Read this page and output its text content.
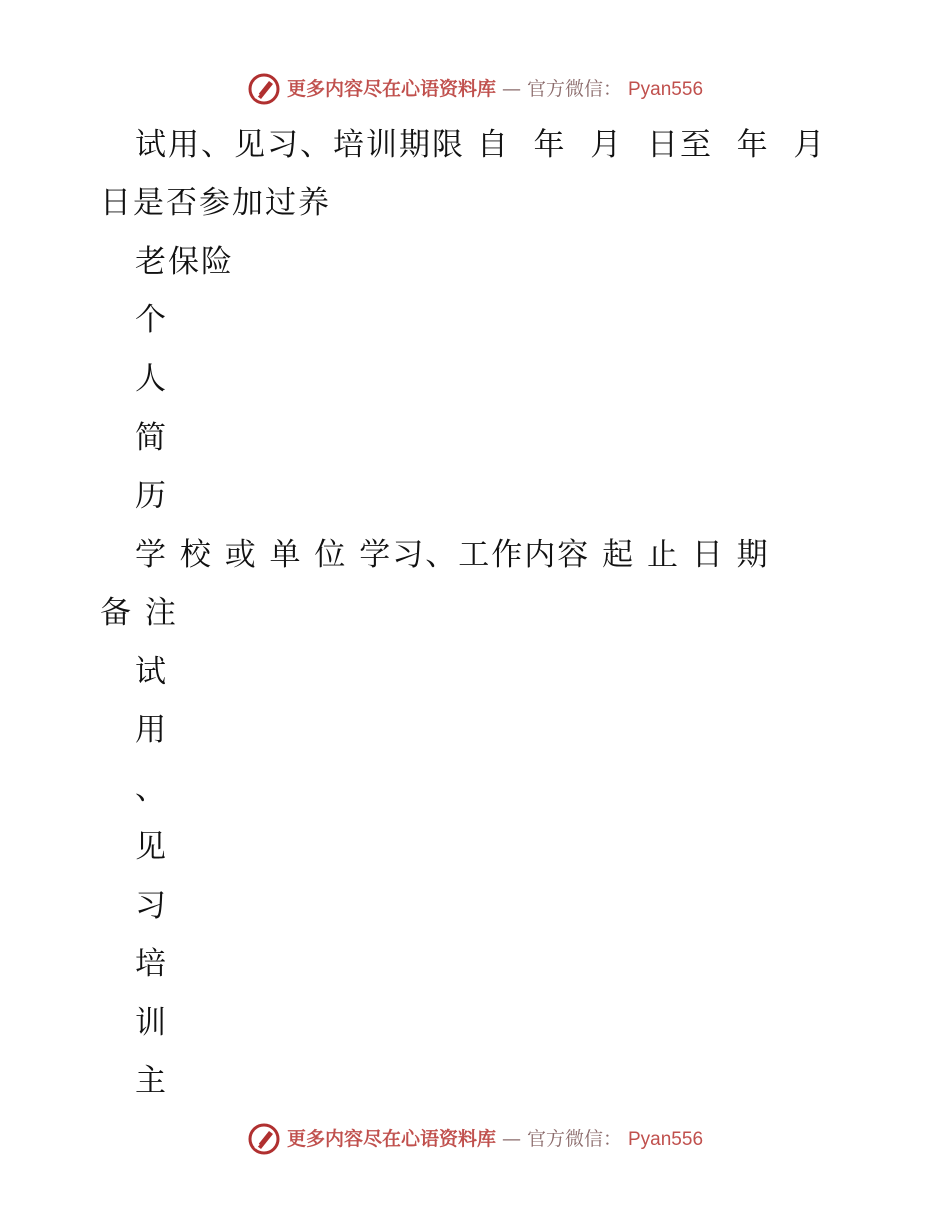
更多内容尽在心语资料库 — 官方微信： Pyan556
试用、见习、培训期限 自  年  月  日至  年  月
日是否参加过养
老保险
个
人
简
历
学 校 或 单 位 学习、工作内容 起 止 日 期
备 注
试
用
、
见
习
培
训
主
更多内容尽在心语资料库 — 官方微信： Pyan556
